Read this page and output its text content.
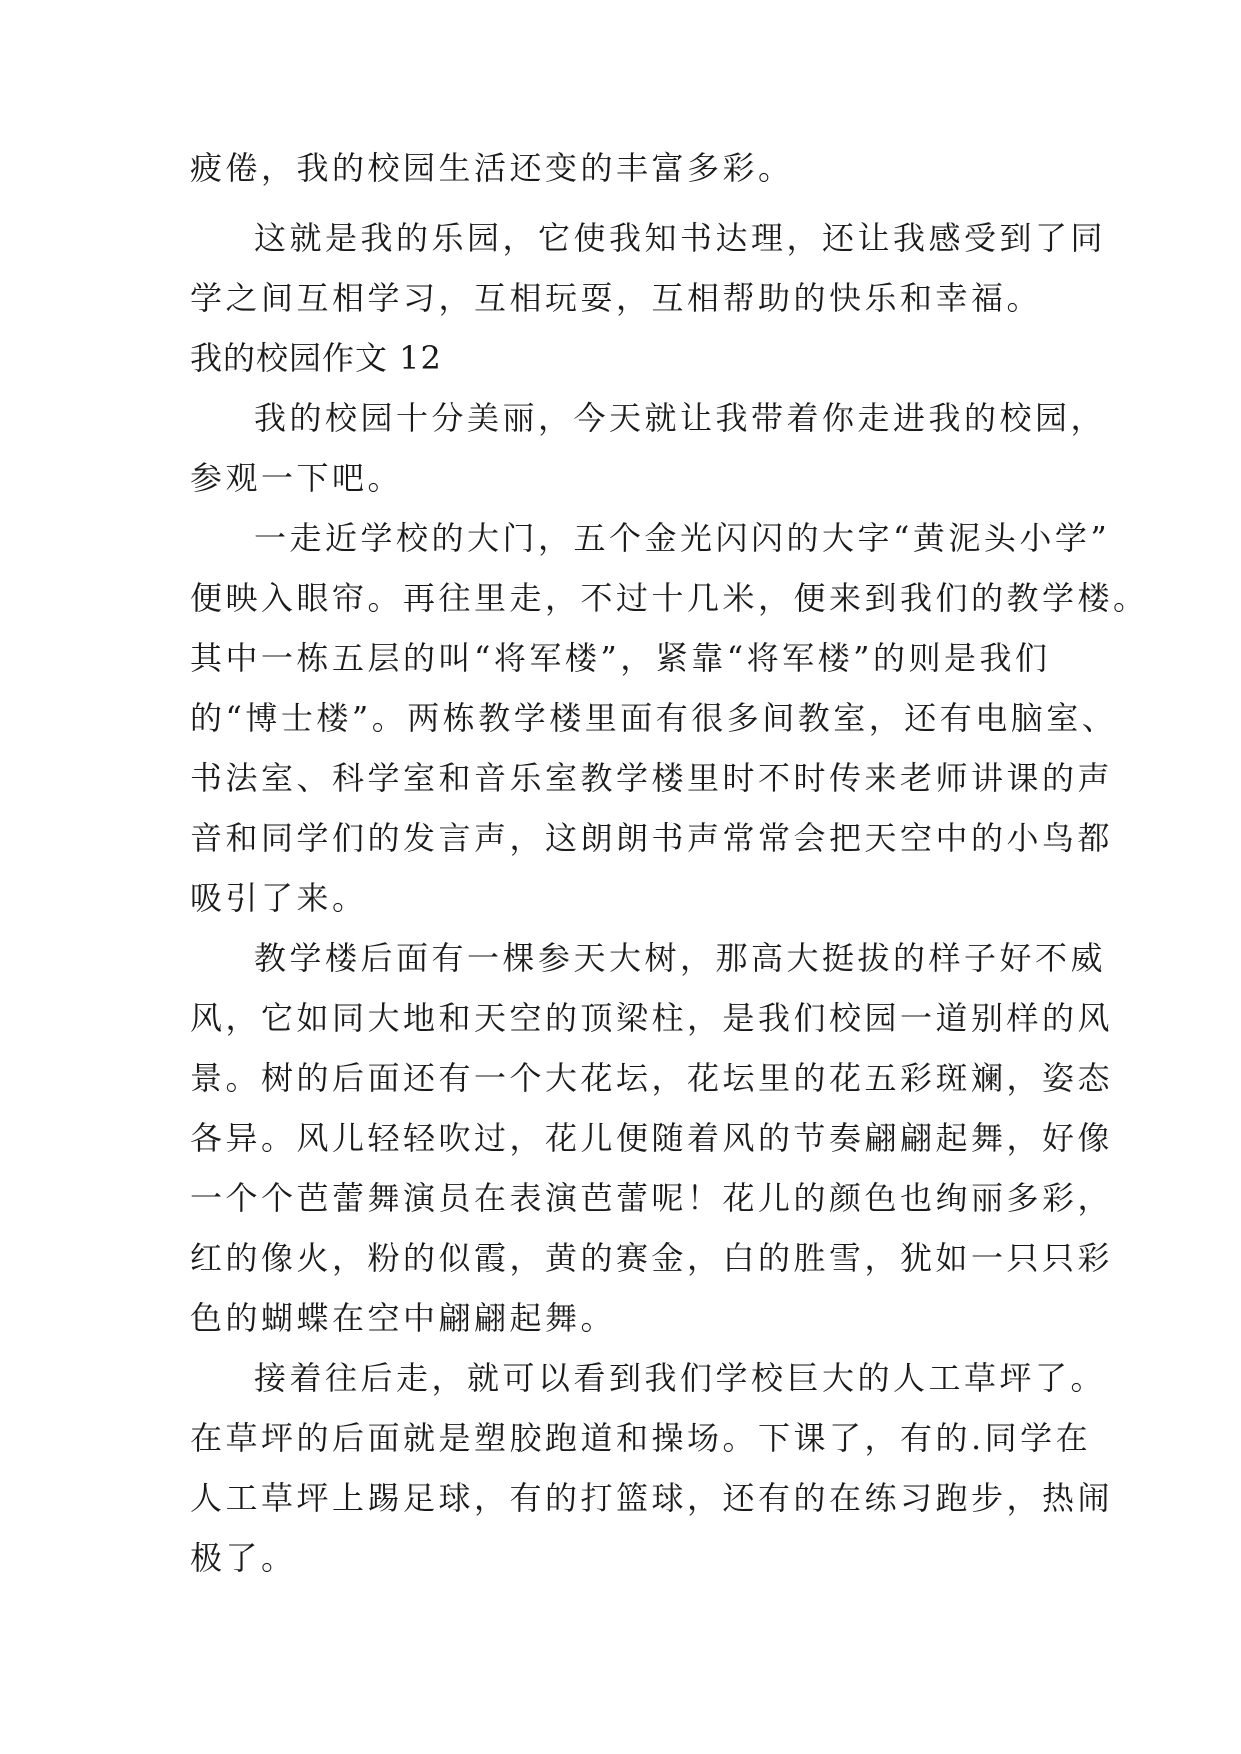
疲倦，我的校园生活还变的丰富多彩。
这就是我的乐园，它使我知书达理，还让我感受到了同
学之间互相学习，互相玩耍，互相帮助的快乐和幸福。
我的校园作文 12
我的校园十分美丽，今天就让我带着你走进我的校园，
参观一下吧。
一走近学校的大门，五个金光闪闪的大字“黄泥头小学”
便映入眼帘。再往里走，不过十几米，便来到我们的教学楼。
其中一栋五层的叫“将军楼”，紧靠“将军楼”的则是我们
的“博士楼”。两栋教学楼里面有很多间教室，还有电脑室、
书法室、科学室和音乐室教学楼里时不时传来老师讲课的声
音和同学们的发言声，这朗朗书声常常会把天空中的小鸟都
吸引了来。
教学楼后面有一棵参天大树，那高大挺拔的样子好不威
风，它如同大地和天空的顶梁柱，是我们校园一道别样的风
景。树的后面还有一个大花坛，花坛里的花五彩斑斓，姿态
各异。风儿轻轻吹过，花儿便随着风的节奏翩翩起舞，好像
一个个芭蕾舞演员在表演芭蕾呢！花儿的颜色也绚丽多彩，
红的像火，粉的似霞，黄的赛金，白的胜雪，犹如一只只彩
色的蝴蝶在空中翩翩起舞。
接着往后走，就可以看到我们学校巨大的人工草坪了。
在草坪的后面就是塑胶跑道和操场。下课了，有的.同学在
人工草坪上踢足球，有的打篮球，还有的在练习跑步，热闹
极了。
